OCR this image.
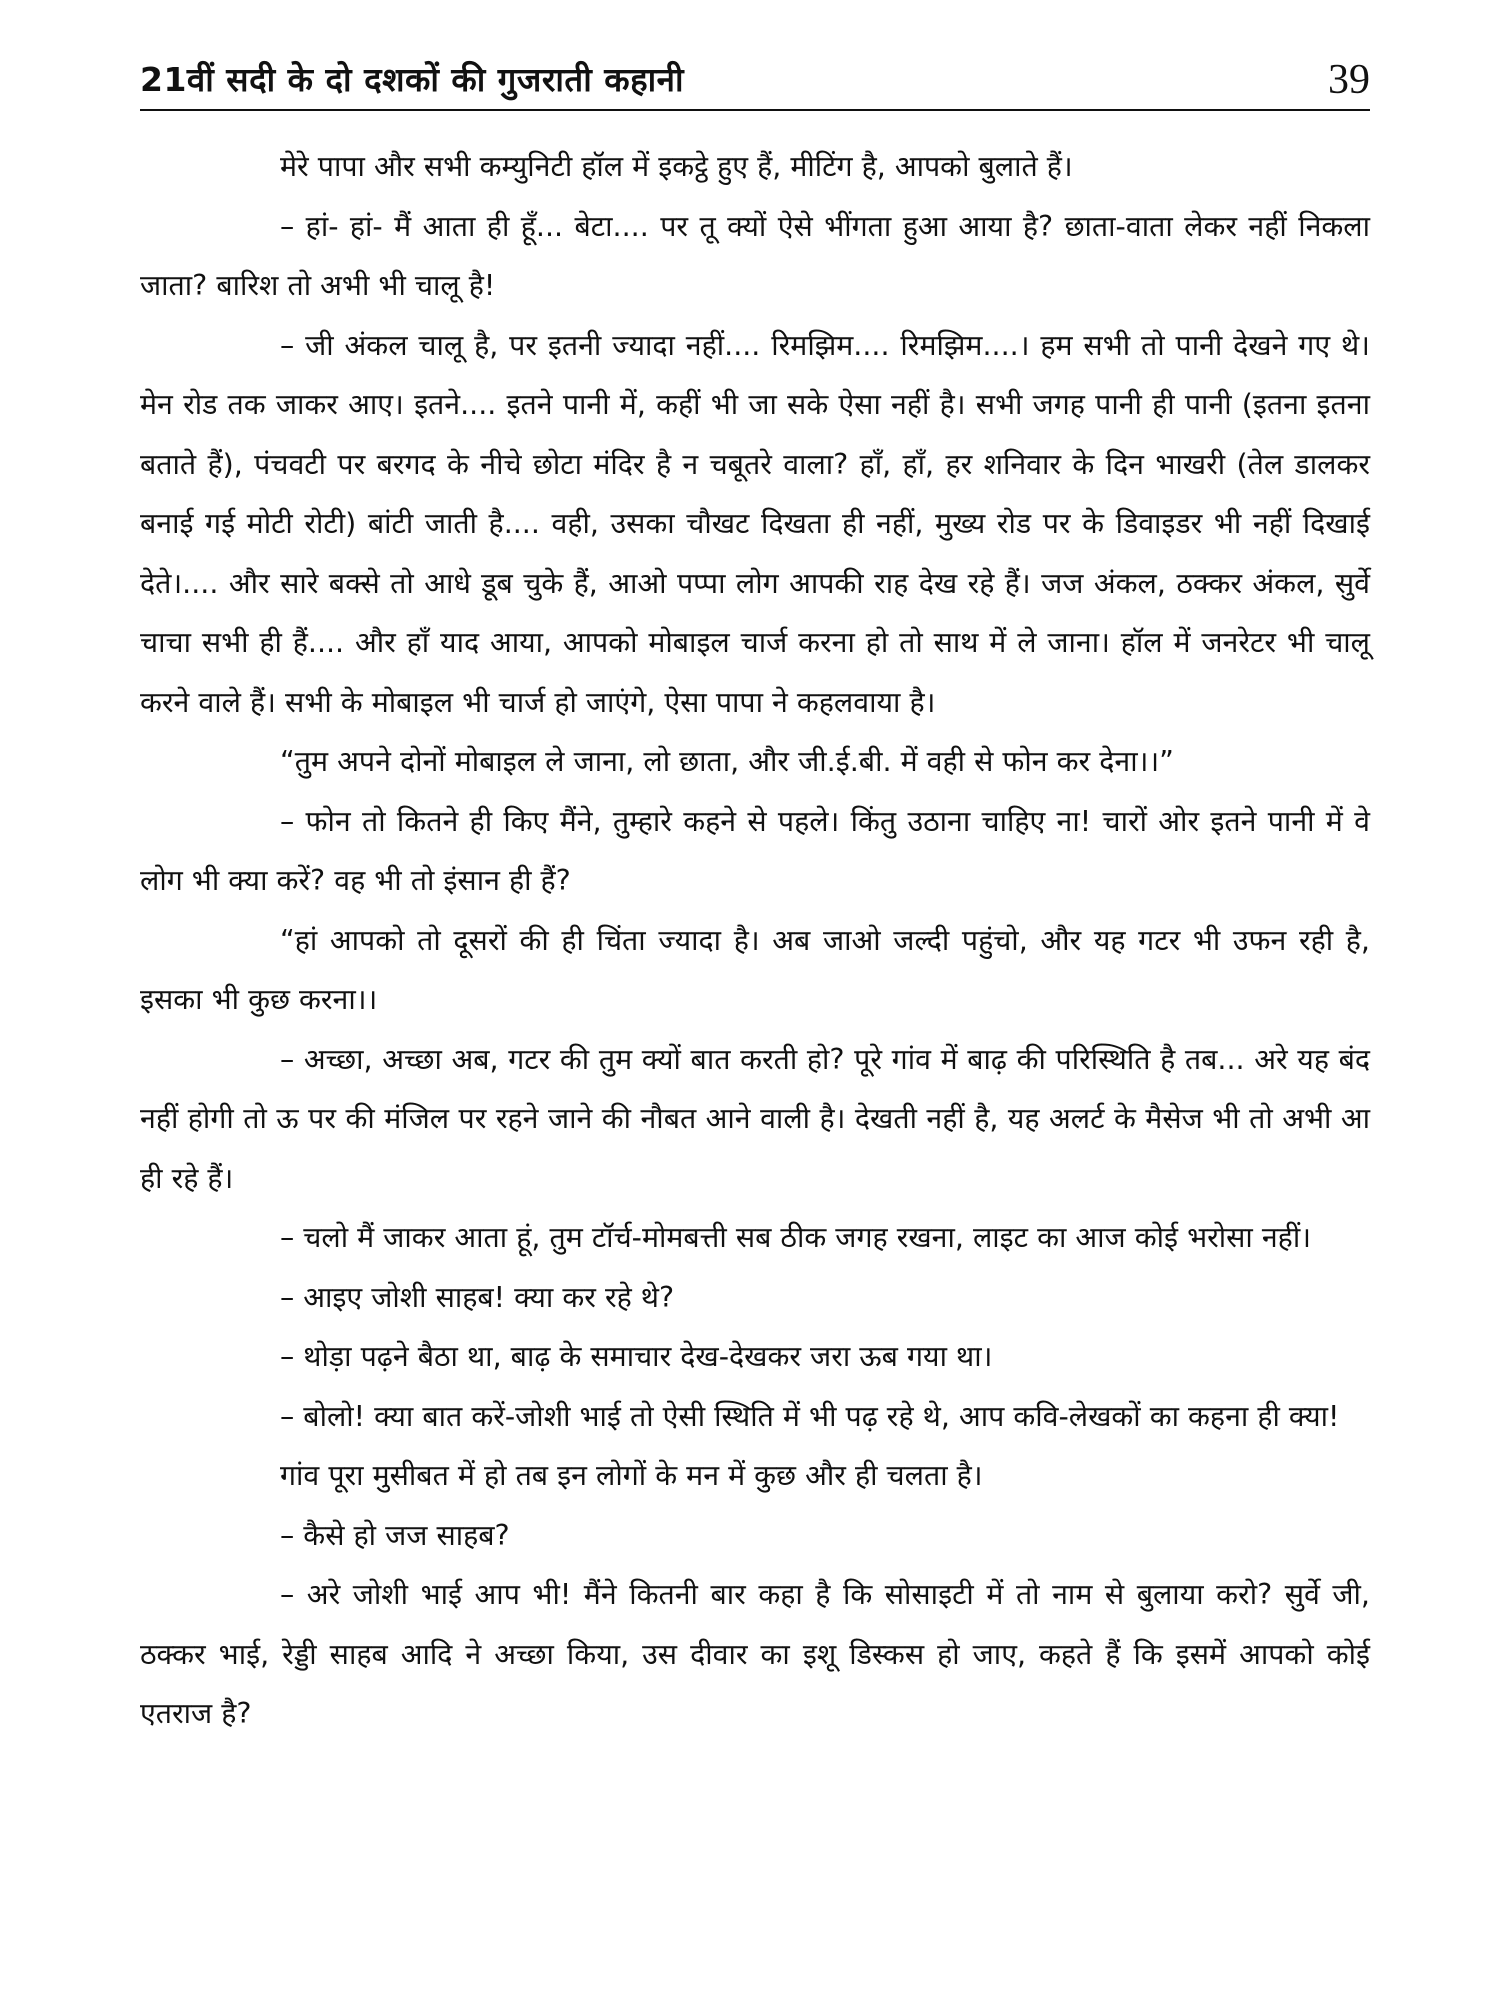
21वीं सदी के दो दशकों की गुजराती कहानी	39

मेरे पापा और सभी कम्युनिटी हॉल में इकट्ठे हुए हैं, मीटिंग है, आपको बुलाते हैं।

– हां- हां- मैं आता ही हूँ... बेटा.... पर तू क्यों ऐसे भींगता हुआ आया है? छाता-वाता लेकर नहीं निकला जाता? बारिश तो अभी भी चालू है!

– जी अंकल चालू है, पर इतनी ज्यादा नहीं.... रिमझिम.... रिमझिम....। हम सभी तो पानी देखने गए थे। मेन रोड तक जाकर आए। इतने.... इतने पानी में, कहीं भी जा सके ऐसा नहीं है। सभी जगह पानी ही पानी (इतना इतना बताते हैं), पंचवटी पर बरगद के नीचे छोटा मंदिर है न चबूतरे वाला? हाँ, हाँ, हर शनिवार के दिन भाखरी (तेल डालकर बनाई गई मोटी रोटी) बांटी जाती है.... वही, उसका चौखट दिखता ही नहीं, मुख्य रोड पर के डिवाइडर भी नहीं दिखाई देते।.... और सारे बक्से तो आधे डूब चुके हैं, आओ पप्पा लोग आपकी राह देख रहे हैं। जज अंकल, ठक्कर अंकल, सुर्वे चाचा सभी ही हैं.... और हाँ याद आया, आपको मोबाइल चार्ज करना हो तो साथ में ले जाना। हॉल में जनरेटर भी चालू करने वाले हैं। सभी के मोबाइल भी चार्ज हो जाएंगे, ऐसा पापा ने कहलवाया है।

“तुम अपने दोनों मोबाइल ले जाना, लो छाता, और जी.ई.बी. में वही से फोन कर देना।।”

– फोन तो कितने ही किए मैंने, तुम्हारे कहने से पहले। किंतु उठाना चाहिए ना! चारों ओर इतने पानी में वे लोग भी क्या करें? वह भी तो इंसान ही हैं?

“हां आपको तो दूसरों की ही चिंता ज्यादा है। अब जाओ जल्दी पहुंचो, और यह गटर भी उफन रही है, इसका भी कुछ करना।।

– अच्छा, अच्छा अब, गटर की तुम क्यों बात करती हो? पूरे गांव में बाढ़ की परिस्थिति है तब... अरे यह बंद नहीं होगी तो ऊ पर की मंजिल पर रहने जाने की नौबत आने वाली है। देखती नहीं है, यह अलर्ट के मैसेज भी तो अभी आ ही रहे हैं।

– चलो मैं जाकर आता हूं, तुम टॉर्च-मोमबत्ती सब ठीक जगह रखना, लाइट का आज कोई भरोसा नहीं।

– आइए जोशी साहब! क्या कर रहे थे?

– थोड़ा पढ़ने बैठा था, बाढ़ के समाचार देख-देखकर जरा ऊब गया था।

– बोलो! क्या बात करें-जोशी भाई तो ऐसी स्थिति में भी पढ़ रहे थे, आप कवि-लेखकों का कहना ही क्या!

गांव पूरा मुसीबत में हो तब इन लोगों के मन में कुछ और ही चलता है।

– कैसे हो जज साहब?

– अरे जोशी भाई आप भी! मैंने कितनी बार कहा है कि सोसाइटी में तो नाम से बुलाया करो? सुर्वे जी, ठक्कर भाई, रेड्डी साहब आदि ने अच्छा किया, उस दीवार का इशू डिस्कस हो जाए, कहते हैं कि इसमें आपको कोई एतराज है?
